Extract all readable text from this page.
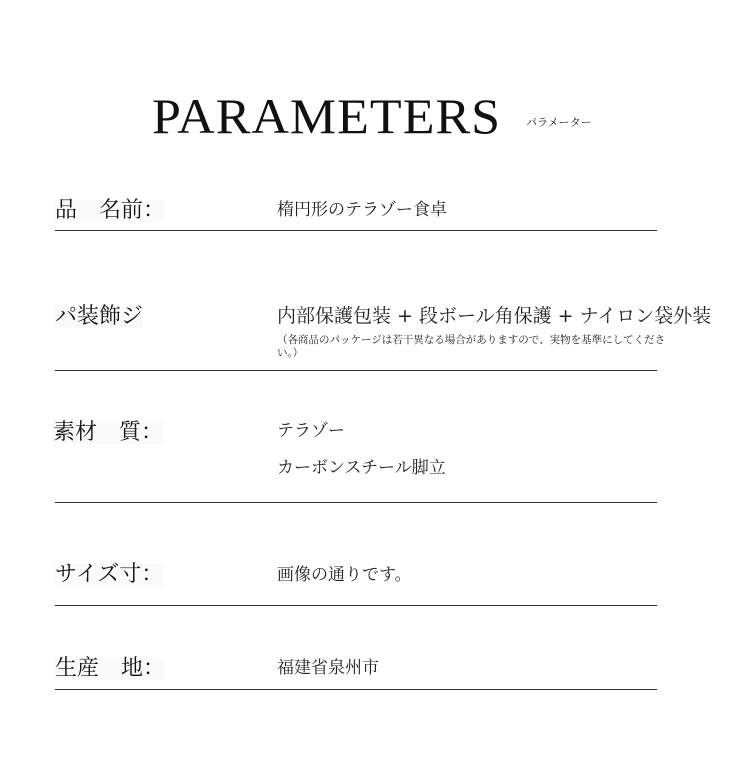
PARAMETERS パラメーター
品　名前：	楕円形のテラゾー食卓
パ装飾ジ	内部保護包装 + 段ボール角保護 + ナイロン袋外装
（各商品のパッケージは若干異なる場合がありますので、実物を基準にしてください。）
素材　質：	テラゾー
カーボンスチール脚立
サイズ寸：	画像の通りです。
生産　地：	福建省泉州市
